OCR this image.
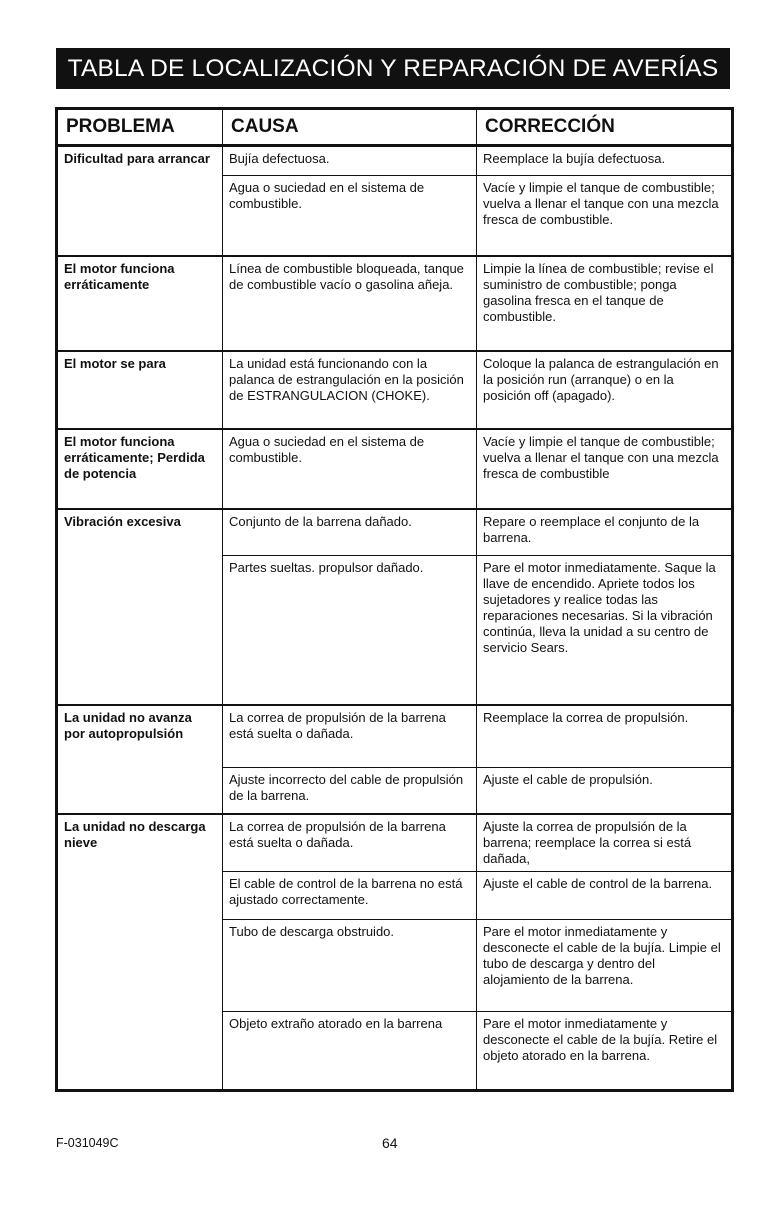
TABLA DE LOCALIZACIÓN Y REPARACIÓN DE AVERÍAS
PROBLEMA	CAUSA	CORRECCIÓN
Dificultad para arrancar	Bujía defectuosa.	Reemplace la bujía defectuosa.
	Agua o suciedad en el sistema de combustible.	Vacíe y limpie el tanque de combustible; vuelva a llenar el tanque con una mezcla fresca de combustible.
El motor funciona erráticamente	Línea de combustible bloqueada, tanque de combustible vacío o gasolina añeja.	Limpie la línea de combustible; revise el suministro de combustible; ponga gasolina fresca en el tanque de combustible.
El motor se para	La unidad está funcionando con la palanca de estrangulación en la posición de ESTRANGULACION (CHOKE).	Coloque la palanca de estrangulación en la posición run (arranque) o en la posición off (apagado).
El motor funciona erráticamente; Perdida de potencia	Agua o suciedad en el sistema de combustible.	Vacíe y limpie el tanque de combustible; vuelva a llenar el tanque con una mezcla fresca de combustible
Vibración excesiva	Conjunto de la barrena dañado.	Repare o reemplace el conjunto de la barrena.
	Partes sueltas. propulsor dañado.	Pare el motor inmediatamente. Saque la llave de encendido. Apriete todos los sujetadores y realice todas las reparaciones necesarias. Si la vibración continúa, lleva la unidad a su centro de servicio Sears.
La unidad no avanza por autopropulsión	La correa de propulsión de la barrena está suelta o dañada.	Reemplace la correa de propulsión.
	Ajuste incorrecto del cable de propulsión de la barrena.	Ajuste el cable de propulsión.
La unidad no descarga nieve	La correa de propulsión de la barrena está suelta o dañada.	Ajuste la correa de propulsión de la barrena; reemplace la correa si está dañada,
	El cable de control de la barrena no está ajustado correctamente.	Ajuste el cable de control de la barrena.
	Tubo de descarga obstruido.	Pare el motor inmediatamente y desconecte el cable de la bujía. Limpie el tubo de descarga y dentro del alojamiento de la barrena.
	Objeto extraño atorado en la barrena	Pare el motor inmediatamente y desconecte el cable de la bujía. Retire el objeto atorado en la barrena.
F-031049C	64
